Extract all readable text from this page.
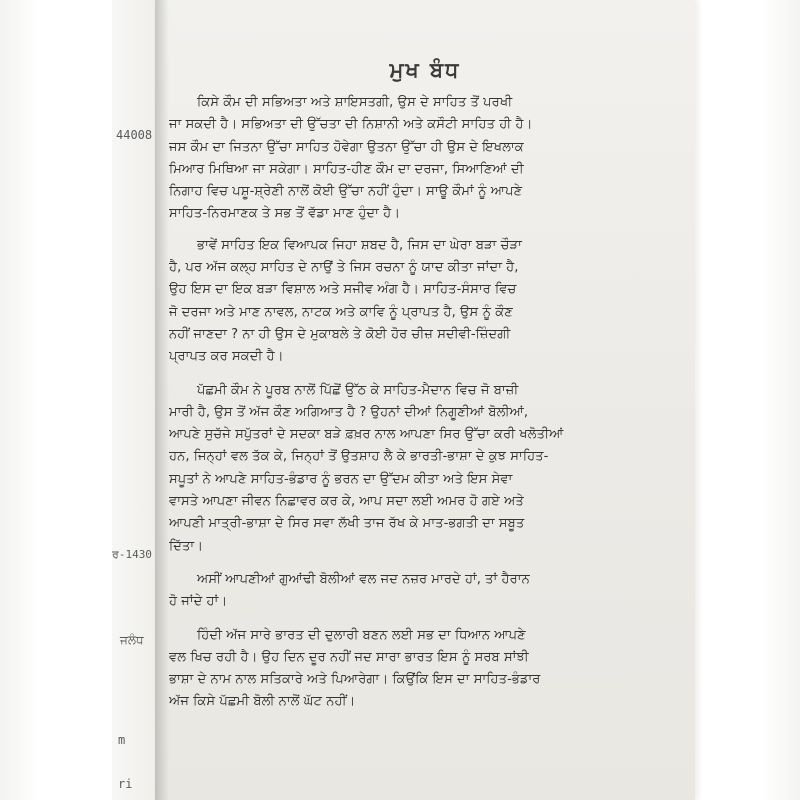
44008
ਰ-1430
ਜਲੰਧ
m
ri
ਮੁਖ ਬੰਧ

ਕਿਸੇ ਕੌਮ ਦੀ ਸਭਿਅਤਾ ਅਤੇ ਸ਼ਾਇਸਤਗੀ, ਉਸ ਦੇ ਸਾਹਿਤ ਤੋਂ ਪਰਖੀ

ਜਾ ਸਕਦੀ ਹੈ। ਸਭਿਅਤਾ ਦੀ ਉੱਚਤਾ ਦੀ ਨਿਸ਼ਾਨੀ ਅਤੇ ਕਸੌਟੀ ਸਾਹਿਤ ਹੀ ਹੈ।

ਜਸ ਕੌਮ ਦਾ ਜਿਤਨਾ ਉੱਚਾ ਸਾਹਿਤ ਹੋਵੇਗਾ ਉਤਨਾ ਉੱਚਾ ਹੀ ਉਸ ਦੇ ਇਖਲਾਕ

ਮਿਆਰ ਮਿਥਿਆ ਜਾ ਸਕੇਗਾ। ਸਾਹਿਤ-ਹੀਣ ਕੌਮ ਦਾ ਦਰਜਾ, ਸਿਆਣਿਆਂ ਦੀ

ਨਿਗਾਹ ਵਿਚ ਪਸ਼ੂ-ਸ਼੍ਰੇਣੀ ਨਾਲੋਂ ਕੋਈ ਉੱਚਾ ਨਹੀਂ ਹੁੰਦਾ। ਸਾਊ ਕੌਮਾਂ ਨੂੰ ਆਪਣੇ

ਸਾਹਿਤ-ਨਿਰਮਾਣਕ ਤੇ ਸਭ ਤੋਂ ਵੱਡਾ ਮਾਣ ਹੁੰਦਾ ਹੈ।

ਭਾਵੇਂ ਸਾਹਿਤ ਇਕ ਵਿਆਪਕ ਜਿਹਾ ਸ਼ਬਦ ਹੈ, ਜਿਸ ਦਾ ਘੇਰਾ ਬੜਾ ਚੌੜਾ

ਹੈ, ਪਰ ਅੱਜ ਕਲ੍ਹ ਸਾਹਿਤ ਦੇ ਨਾਉਂ ਤੇ ਜਿਸ ਰਚਨਾ ਨੂੰ ਯਾਦ ਕੀਤਾ ਜਾਂਦਾ ਹੈ,

ਉਹ ਇਸ ਦਾ ਇਕ ਬੜਾ ਵਿਸ਼ਾਲ ਅਤੇ ਸਜੀਵ ਅੰਗ ਹੈ। ਸਾਹਿਤ-ਸੰਸਾਰ ਵਿਚ

ਜੋ ਦਰਜਾ ਅਤੇ ਮਾਣ ਨਾਵਲ, ਨਾਟਕ ਅਤੇ ਕਾਵਿ ਨੂੰ ਪ੍ਰਾਪਤ ਹੈ, ਉਸ ਨੂੰ ਕੌਣ

ਨਹੀਂ ਜਾਣਦਾ ? ਨਾ ਹੀ ਉਸ ਦੇ ਮੁਕਾਬਲੇ ਤੇ ਕੋਈ ਹੋਰ ਚੀਜ਼ ਸਦੀਵੀ-ਜ਼ਿੰਦਗੀ

ਪ੍ਰਾਪਤ ਕਰ ਸਕਦੀ ਹੈ।

ਪੱਛਮੀ ਕੌਮ ਨੇ ਪੂਰਬ ਨਾਲੋਂ ਪਿੱਛੋਂ ਉੱਠ ਕੇ ਸਾਹਿਤ-ਮੈਦਾਨ ਵਿਚ ਜੋ ਬਾਜ਼ੀ

ਮਾਰੀ ਹੈ, ਉਸ ਤੋਂ ਅੱਜ ਕੌਣ ਅਗਿਆਤ ਹੈ ? ਉਹਨਾਂ ਦੀਆਂ ਨਿਗੂਣੀਆਂ ਬੋਲੀਆਂ,

ਆਪਣੇ ਸੁਚੱਜੇ ਸਪੁੱਤਰਾਂ ਦੇ ਸਦਕਾ ਬੜੇ ਫ਼ਖ਼ਰ ਨਾਲ ਆਪਣਾ ਸਿਰ ਉੱਚਾ ਕਰੀ ਖਲੋਤੀਆਂ

ਹਨ, ਜਿਨ੍ਹਾਂ ਵਲ ਤੱਕ ਕੇ, ਜਿਨ੍ਹਾਂ ਤੋਂ ਉਤਸ਼ਾਹ ਲੈ ਕੇ ਭਾਰਤੀ-ਭਾਸ਼ਾ ਦੇ ਕੁਝ ਸਾਹਿਤ-

ਸਪੂਤਾਂ ਨੇ ਆਪਣੇ ਸਾਹਿਤ-ਭੰਡਾਰ ਨੂੰ ਭਰਨ ਦਾ ਉੱਦਮ ਕੀਤਾ ਅਤੇ ਇਸ ਸੇਵਾ

ਵਾਸਤੇ ਆਪਣਾ ਜੀਵਨ ਨਿਛਾਵਰ ਕਰ ਕੇ, ਆਪ ਸਦਾ ਲਈ ਅਮਰ ਹੋ ਗਏ ਅਤੇ

ਆਪਣੀ ਮਾਤ੍ਰੀ-ਭਾਸ਼ਾ ਦੇ ਸਿਰ ਸਵਾ ਲੱਖੀ ਤਾਜ ਰੱਖ ਕੇ ਮਾਤ-ਭਗਤੀ ਦਾ ਸਬੂਤ

ਦਿੱਤਾ।

ਅਸੀਂ ਆਪਣੀਆਂ ਗੁਆਂਢੀ ਬੋਲੀਆਂ ਵਲ ਜਦ ਨਜ਼ਰ ਮਾਰਦੇ ਹਾਂ, ਤਾਂ ਹੈਰਾਨ

ਹੋ ਜਾਂਦੇ ਹਾਂ।

ਹਿੰਦੀ ਅੱਜ ਸਾਰੇ ਭਾਰਤ ਦੀ ਦੁਲਾਰੀ ਬਣਨ ਲਈ ਸਭ ਦਾ ਧਿਆਨ ਆਪਣੇ

ਵਲ ਖਿਚ ਰਹੀ ਹੈ। ਉਹ ਦਿਨ ਦੂਰ ਨਹੀਂ ਜਦ ਸਾਰਾ ਭਾਰਤ ਇਸ ਨੂੰ ਸਰਬ ਸਾਂਝੀ

ਭਾਸ਼ਾ ਦੇ ਨਾਮ ਨਾਲ ਸਤਿਕਾਰੇ ਅਤੇ ਪਿਆਰੇਗਾ। ਕਿਉਂਕਿ ਇਸ ਦਾ ਸਾਹਿਤ-ਭੰਡਾਰ

ਅੱਜ ਕਿਸੇ ਪੱਛਮੀ ਬੋਲੀ ਨਾਲੋਂ ਘੱਟ ਨਹੀਂ।
